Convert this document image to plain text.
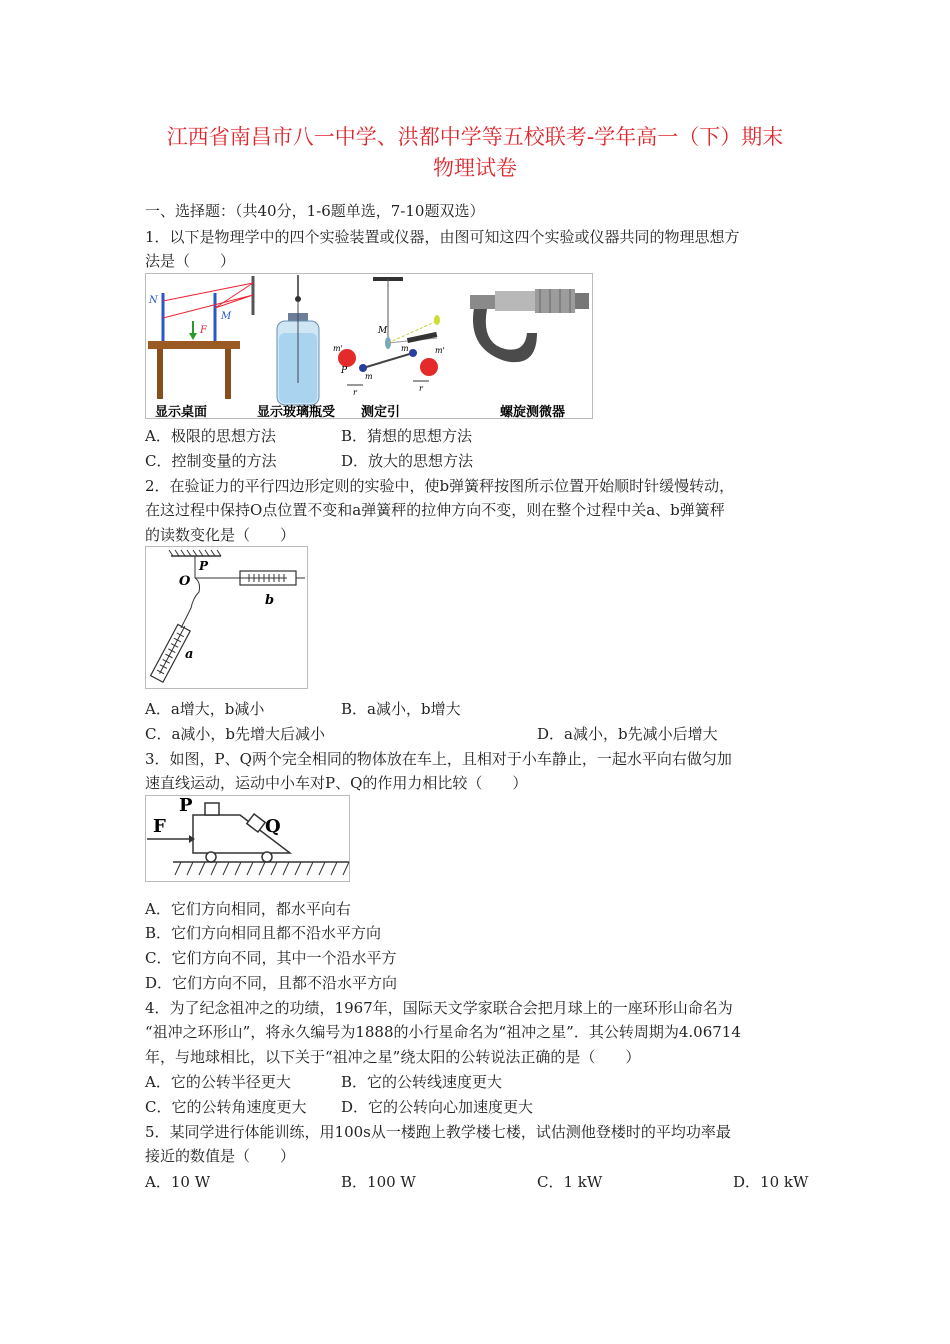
江西省南昌市八一中学、洪都中学等五校联考-学年高一（下）期末
物理试卷
一、选择题：（共40分，1-6题单选，7-10题双选）
1．以下是物理学中的四个实验装置或仪器，由图可知这四个实验或仪器共同的物理思想方
法是（　　）
N
M
F	M
m'
P
m
r
m	m'
r
显示桌面	显示玻璃瓶受 测定引	螺旋测微器
A．极限的思想方法	B．猜想的思想方法
C．控制变量的方法	D．放大的思想方法
2．在验证力的平行四边形定则的实验中，使b弹簧秤按图所示位置开始顺时针缓慢转动，
在这过程中保持O点位置不变和a弹簧秤的拉伸方向不变，则在整个过程中关a、b弹簧秤
的读数变化是（　　）
O
P
b
a
A．a增大，b减小	B．a减小，b增大
C．a减小，b先增大后减小	D．a减小，b先减小后增大
3．如图，P、Q两个完全相同的物体放在车上，且相对于小车静止，一起水平向右做匀加
速直线运动，运动中小车对P、Q的作用力相比较（　　）
F
P
Q
A．它们方向相同，都水平向右
B．它们方向相同且都不沿水平方向
C．它们方向不同，其中一个沿水平方
D．它们方向不同，且都不沿水平方向
4．为了纪念祖冲之的功绩，1967年，国际天文学家联合会把月球上的一座环形山命名为
“祖冲之环形山”，将永久编号为1888的小行星命名为“祖冲之星”．其公转周期为4.06714
年，与地球相比，以下关于“祖冲之星”绕太阳的公转说法正确的是（　　）
A．它的公转半径更大	B．它的公转线速度更大
C．它的公转角速度更大 D．它的公转向心加速度更大
5．某同学进行体能训练，用100s从一楼跑上教学楼七楼，试估测他登楼时的平均功率最
接近的数值是（　　）
A．10 W	B．100 W	C．1 kW	D．10 kW
